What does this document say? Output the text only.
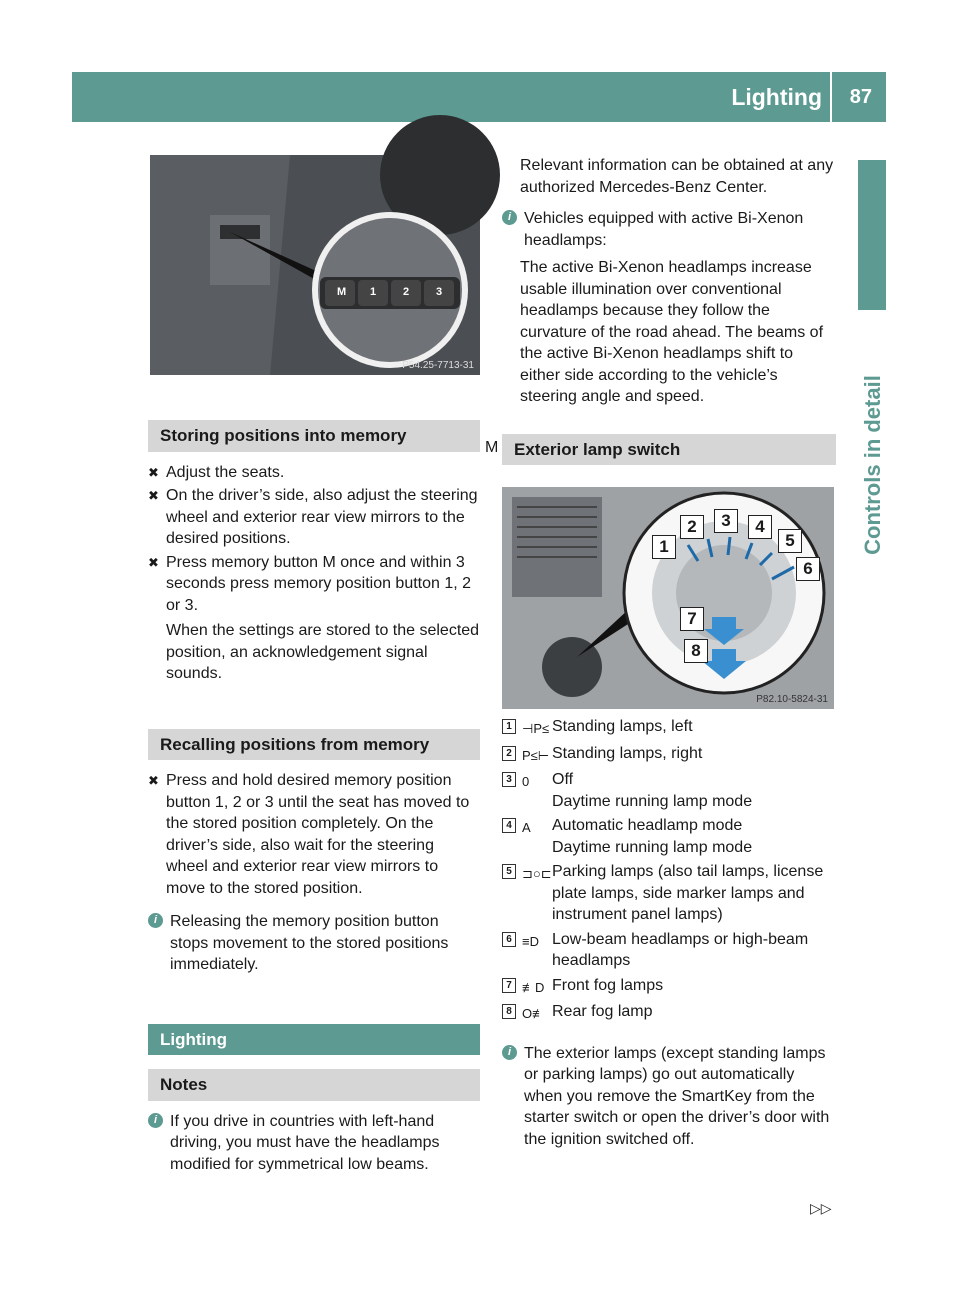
Lighting 87
Controls in detail
P54.25-7713-31
M
M 1 2 3
Storing positions into memory

✖ Adjust the seats.

✖ On the driver’s side, also adjust the steering wheel and exterior rear view mirrors to the desired positions.

✖ Press memory button M once and within 3 seconds press memory position button 1, 2 or 3.

When the settings are stored to the selected position, an acknowledgement signal sounds.

Recalling positions from memory

✖ Press and hold desired memory position button 1, 2 or 3 until the seat has moved to the stored position completely. On the driver’s side, also wait for the steering wheel and exterior rear view mirrors to move to the stored position.

i Releasing the memory position button stops movement to the stored positions immediately.

Lighting
Notes

i If you drive in countries with left-hand driving, you must have the headlamps modified for symmetrical low beams.

Relevant information can be obtained at any authorized Mercedes-Benz Center.

i Vehicles equipped with active Bi-Xenon headlamps:

The active Bi-Xenon headlamps increase usable illumination over conventional headlamps because they follow the curvature of the road ahead. The beams of the active Bi-Xenon headlamps shift to either side according to the vehicle’s steering angle and speed.

Exterior lamp switch
P82.10-5824-31
1
2	3	4
5
6
7
8
1 ⊣P≤ Standing lamps, left
2 P≤⊢ Standing lamps, right
3 0	Off
Daytime running lamp mode
4 A	Automatic headlamp mode
Daytime running lamp mode
5 ⊐○⊏ Parking lamps (also tail lamps, license plate lamps, side marker lamps and instrument panel lamps)
6 ≡D Low-beam headlamps or high-beam headlamps
7 ≢D Front fog lamps
8 O≢ Rear fog lamp

i The exterior lamps (except standing lamps or parking lamps) go out automatically when you remove the SmartKey from the starter switch or open the driver’s door with the ignition switched off.

▷▷
